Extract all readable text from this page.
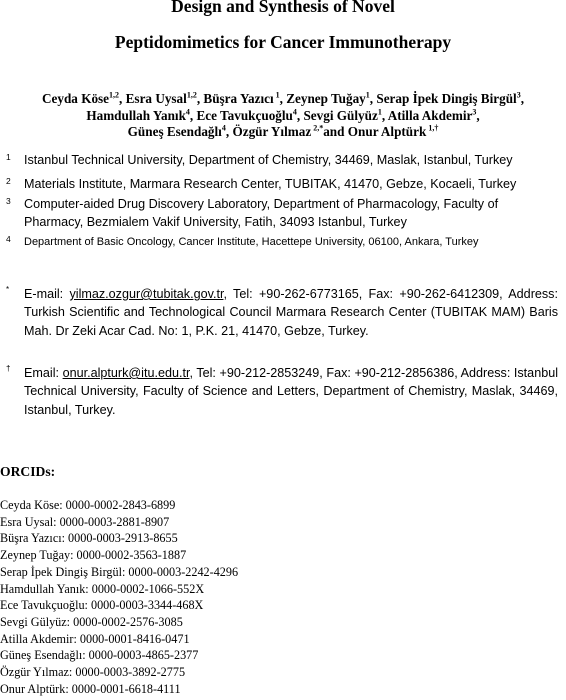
Design and Synthesis of Novel
Peptidomimetics for Cancer Immunotherapy
Ceyda Köse$^{1,2}$, Esra Uysal$^{1,2}$, Büşra Yazıcı $^1$, Zeynep Tuğay$^1$, Serap İpek Dingiş Birgül$^3$,
Hamdullah Yanık$^4$, Ece Tavukçuoğlu$^4$, Sevgi Gülyüz$^1$, Atilla Akdemir$^3$,
Güneş Esendağlı$^4$, Özgür Yılmaz $^{2,*}$and Onur Alptürk $^{1,\dagger}$
1 Istanbul Technical University, Department of Chemistry, 34469, Maslak, Istanbul, Turkey
2 Materials Institute, Marmara Research Center, TUBITAK, 41470, Gebze, Kocaeli, Turkey
3 Computer-aided Drug Discovery Laboratory, Department of Pharmacology, Faculty of Pharmacy, Bezmialem Vakif University, Fatih, 34093 Istanbul, Turkey
4 Department of Basic Oncology, Cancer Institute, Hacettepe University, 06100, Ankara, Turkey
* E-mail: yilmaz.ozgur@tubitak.gov.tr, Tel: +90-262-6773165, Fax: +90-262-6412309, Address: Turkish Scientific and Technological Council Marmara Research Center (TUBITAK MAM) Baris Mah. Dr Zeki Acar Cad. No: 1, P.K. 21, 41470, Gebze, Turkey.
† Email: onur.alpturk@itu.edu.tr, Tel: +90-212-2853249, Fax: +90-212-2856386, Address: Istanbul Technical University, Faculty of Science and Letters, Department of Chemistry, Maslak, 34469, Istanbul, Turkey.
ORCIDs:
Ceyda Köse: 0000-0002-2843-6899
Esra Uysal: 0000-0003-2881-8907
Büşra Yazıcı: 0000-0003-2913-8655
Zeynep Tuğay: 0000-0002-3563-1887
Serap İpek Dingiş Birgül: 0000-0003-2242-4296
Hamdullah Yanık: 0000-0002-1066-552X
Ece Tavukçuoğlu: 0000-0003-3344-468X
Sevgi Gülyüz: 0000-0002-2576-3085
Atilla Akdemir: 0000-0001-8416-0471
Güneş Esendağlı: 0000-0003-4865-2377
Özgür Yılmaz: 0000-0003-3892-2775
Onur Alptürk: 0000-0001-6618-4111
